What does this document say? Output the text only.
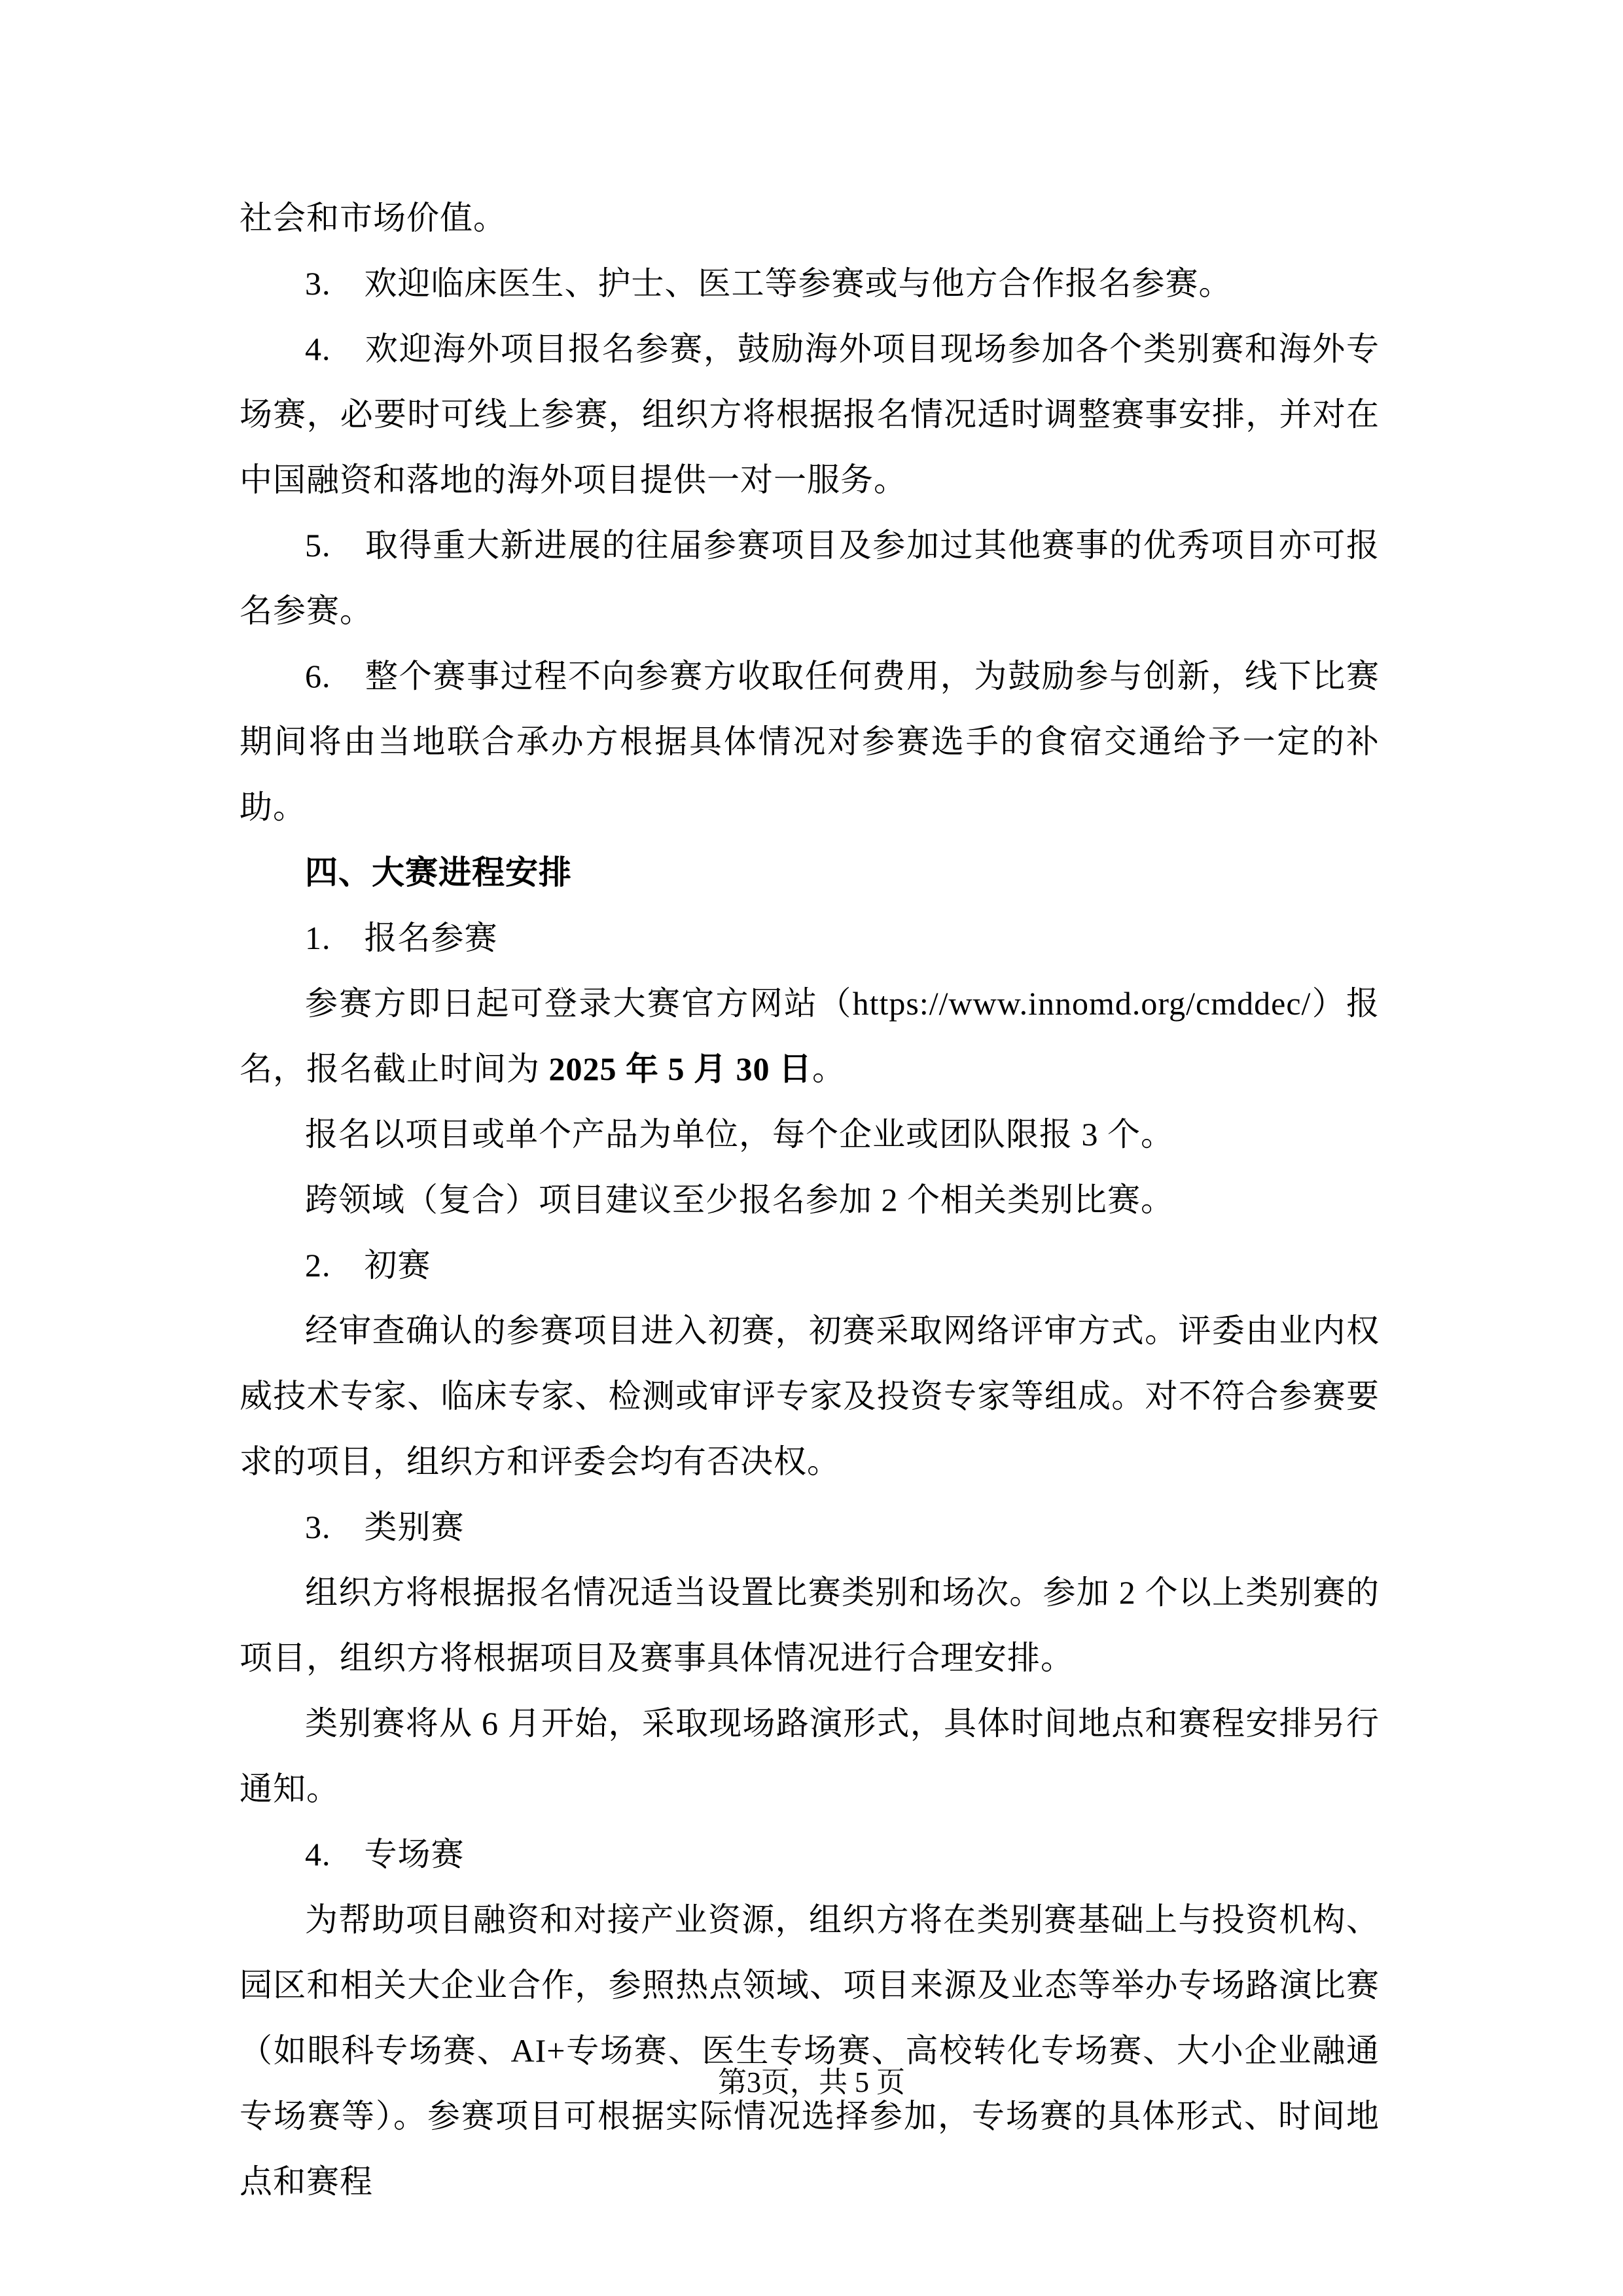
社会和市场价值。

3.　欢迎临床医生、护士、医工等参赛或与他方合作报名参赛。

4.　欢迎海外项目报名参赛，鼓励海外项目现场参加各个类别赛和海外专场赛，必要时可线上参赛，组织方将根据报名情况适时调整赛事安排，并对在中国融资和落地的海外项目提供一对一服务。

5.　取得重大新进展的往届参赛项目及参加过其他赛事的优秀项目亦可报名参赛。

6.　整个赛事过程不向参赛方收取任何费用，为鼓励参与创新，线下比赛期间将由当地联合承办方根据具体情况对参赛选手的食宿交通给予一定的补助。

四、大赛进程安排

1.　报名参赛

参赛方即日起可登录大赛官方网站（https://www.innomd.org/cmddec/）报名，报名截止时间为 2025 年 5 月 30 日。

报名以项目或单个产品为单位，每个企业或团队限报 3 个。

跨领域（复合）项目建议至少报名参加 2 个相关类别比赛。

2.　初赛

经审查确认的参赛项目进入初赛，初赛采取网络评审方式。评委由业内权威技术专家、临床专家、检测或审评专家及投资专家等组成。对不符合参赛要求的项目，组织方和评委会均有否决权。

3.　类别赛

组织方将根据报名情况适当设置比赛类别和场次。参加 2 个以上类别赛的项目，组织方将根据项目及赛事具体情况进行合理安排。

类别赛将从 6 月开始，采取现场路演形式，具体时间地点和赛程安排另行通知。

4.　专场赛

为帮助项目融资和对接产业资源，组织方将在类别赛基础上与投资机构、园区和相关大企业合作，参照热点领域、项目来源及业态等举办专场路演比赛（如眼科专场赛、AI+专场赛、医生专场赛、高校转化专场赛、大小企业融通专场赛等）。参赛项目可根据实际情况选择参加，专场赛的具体形式、时间地点和赛程

第3页，共 5 页
